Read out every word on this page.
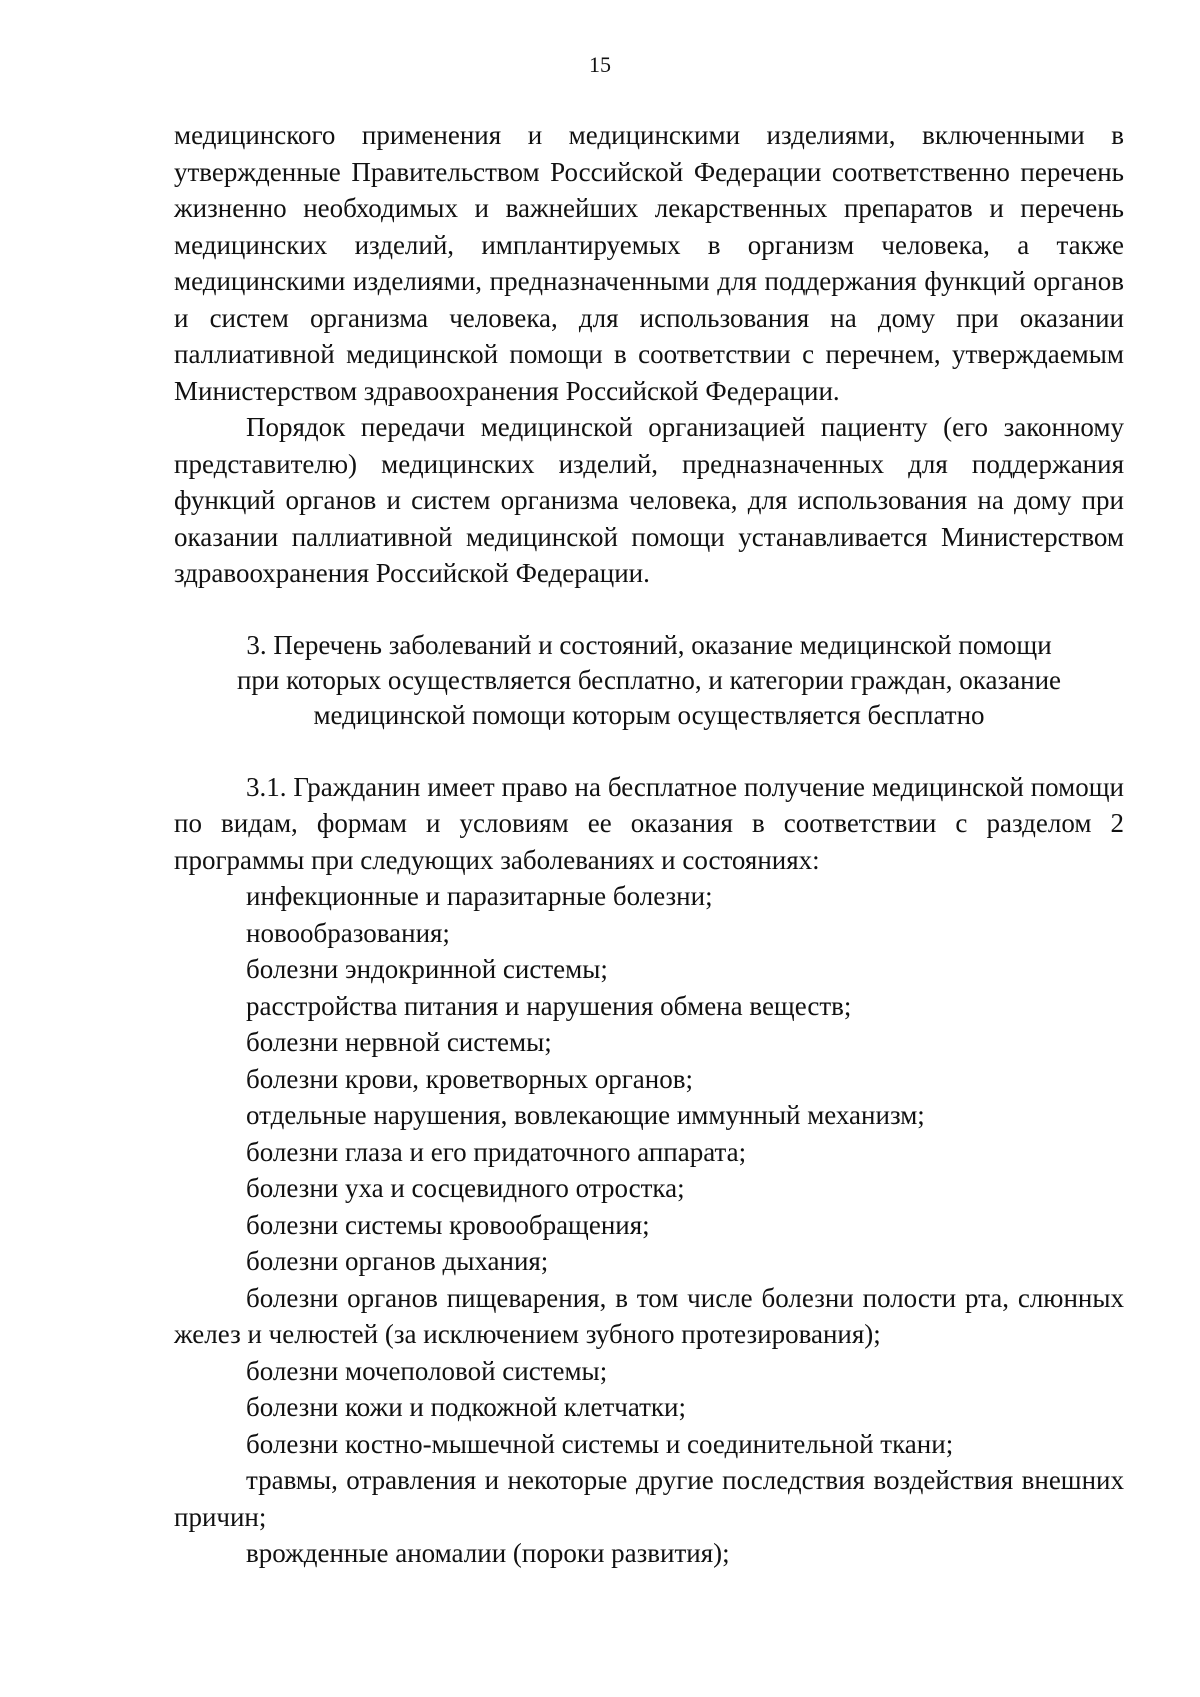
15

медицинского применения и медицинскими изделиями, включенными в утвержденные Правительством Российской Федерации соответственно перечень жизненно необходимых и важнейших лекарственных препаратов и перечень медицинских изделий, имплантируемых в организм человека, а также медицинскими изделиями, предназначенными для поддержания функций органов и систем организма человека, для использования на дому при оказании паллиативной медицинской помощи в соответствии с перечнем, утверждаемым Министерством здравоохранения Российской Федерации.

Порядок передачи медицинской организацией пациенту (его законному представителю) медицинских изделий, предназначенных для поддержания функций органов и систем организма человека, для использования на дому при оказании паллиативной медицинской помощи устанавливается Министерством здравоохранения Российской Федерации.

3. Перечень заболеваний и состояний, оказание медицинской помощи
при которых осуществляется бесплатно, и категории граждан, оказание
медицинской помощи которым осуществляется бесплатно

3.1. Гражданин имеет право на бесплатное получение медицинской помощи по видам, формам и условиям ее оказания в соответствии с разделом 2 программы при следующих заболеваниях и состояниях:

инфекционные и паразитарные болезни;
новообразования;
болезни эндокринной системы;
расстройства питания и нарушения обмена веществ;
болезни нервной системы;
болезни крови, кроветворных органов;
отдельные нарушения, вовлекающие иммунный механизм;
болезни глаза и его придаточного аппарата;
болезни уха и сосцевидного отростка;
болезни системы кровообращения;
болезни органов дыхания;
болезни органов пищеварения, в том числе болезни полости рта, слюнных желез и челюстей (за исключением зубного протезирования);
болезни мочеполовой системы;
болезни кожи и подкожной клетчатки;
болезни костно-мышечной системы и соединительной ткани;
травмы, отравления и некоторые другие последствия воздействия внешних причин;
врожденные аномалии (пороки развития);
